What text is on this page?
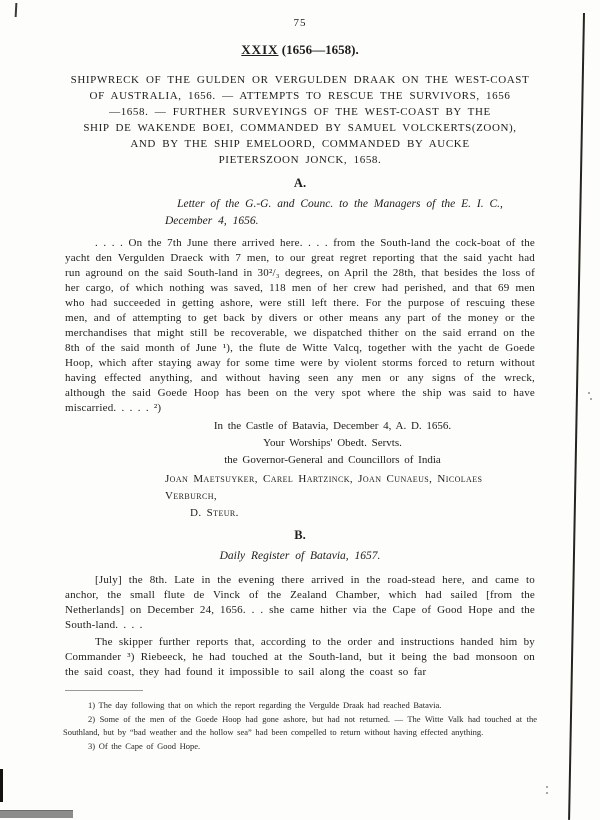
75
XXIX (1656—1658).
SHIPWRECK OF THE GULDEN OR VERGULDEN DRAAK ON THE WEST-COAST
OF AUSTRALIA, 1656. — ATTEMPTS TO RESCUE THE SURVIVORS, 1656
—1658. — FURTHER SURVEYINGS OF THE WEST-COAST BY THE
SHIP DE WAKENDE BOEI, COMMANDED BY SAMUEL VOLCKERTS(ZOON),
AND BY THE SHIP EMELOORD, COMMANDED BY AUCKE
PIETERSZOON JONCK, 1658.
A.
Letter of the G.-G. and Counc. to the Managers of the E. I. C.,
December 4, 1656.

. . . . On the 7th June there arrived here. . . . from the South-land the cock-boat of the yacht den Vergulden Draeck with 7 men, to our great regret reporting that the said yacht had run aground on the said South-land in 30²/₃ degrees, on April the 28th, that besides the loss of her cargo, of which nothing was saved, 118 men of her crew had perished, and that 69 men who had succeeded in getting ashore, were still left there. For the purpose of rescuing these men, and of attempting to get back by divers or other means any part of the money or the merchandises that might still be recoverable, we dispatched thither on the said errand on the 8th of the said month of June ¹), the flute de Witte Valcq, together with the yacht de Goede Hoop, which after staying away for some time were by violent storms forced to return without having effected anything, and without having seen any men or any signs of the wreck, although the said Goede Hoop has been on the very spot where the ship was said to have miscarried. . . . . ²)

In the Castle of Batavia, December 4, A. D. 1656.
Your Worships' Obedt. Servts.
the Governor-General and Councillors of India
Joan Maetsuyker, Carel Hartzinck, Joan Cunaeus, Nicolaes Verburch,
D. Steur.
B.
Daily Register of Batavia, 1657.

[July] the 8th. Late in the evening there arrived in the road-stead here, and came to anchor, the small flute de Vinck of the Zealand Chamber, which had sailed [from the Netherlands] on December 24, 1656. . . she came hither via the Cape of Good Hope and the South-land. . . .

The skipper further reports that, according to the order and instructions handed him by Commander ³) Riebeeck, he had touched at the South-land, but it being the bad monsoon on the said coast, they had found it impossible to sail along the coast so far

1) The day following that on which the report regarding the Vergulde Draak had reached Batavia.
2) Some of the men of the Goede Hoop had gone ashore, but had not returned. — The Witte Valk had touched at the Southland, but by “bad weather and the hollow sea” had been compelled to return without having effected anything.
3) Of the Cape of Good Hope.
